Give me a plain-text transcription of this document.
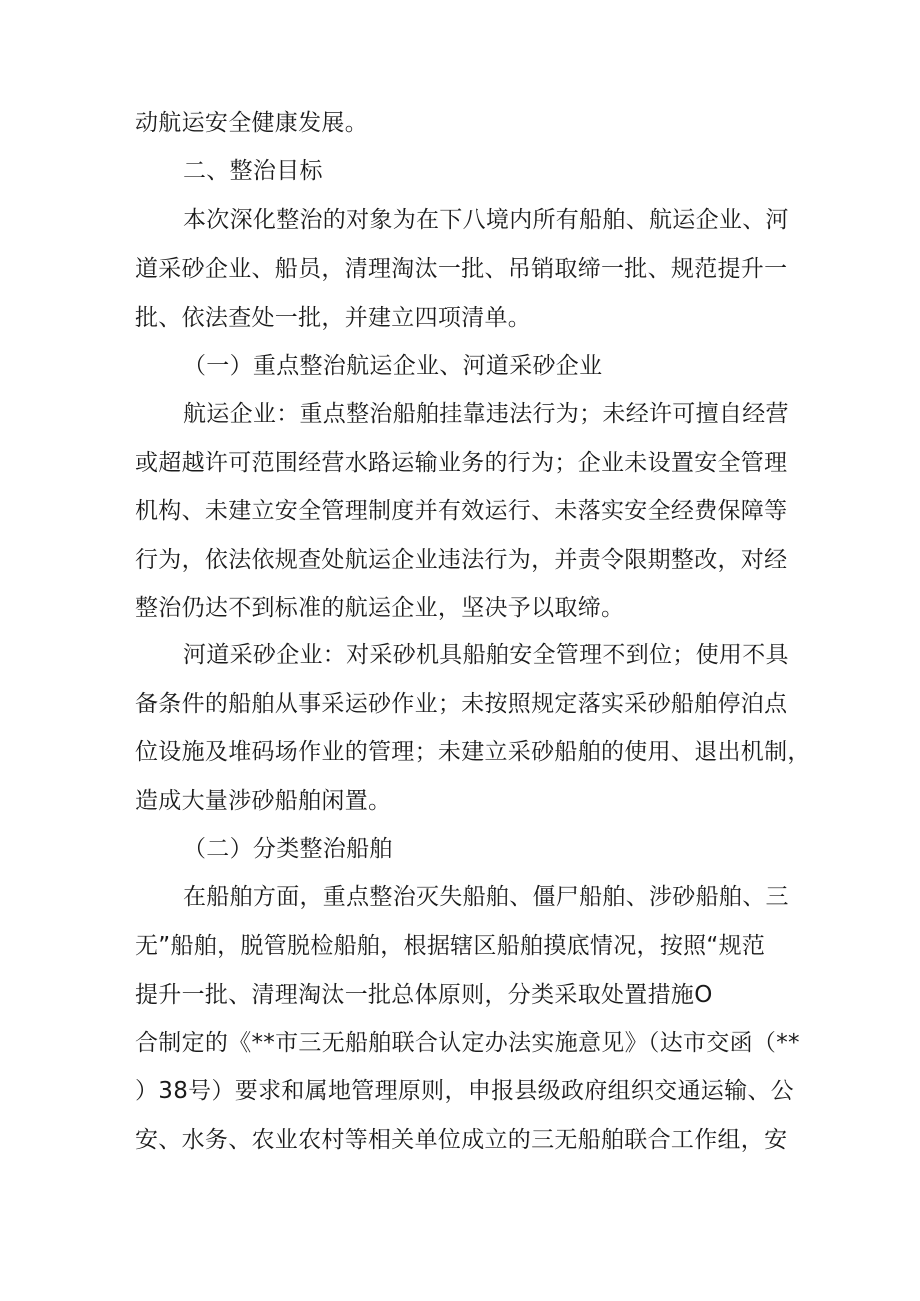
动航运安全健康发展。
二、整治目标
本次深化整治的对象为在下八境内所有船舶、航运企业、河
道采砂企业、船员，清理淘汰一批、吊销取缔一批、规范提升一
批、依法查处一批，并建立四项清单。
（一）重点整治航运企业、河道采砂企业
航运企业：重点整治船舶挂靠违法行为；未经许可擅自经营
或超越许可范围经营水路运输业务的行为；企业未设置安全管理
机构、未建立安全管理制度并有效运行、未落实安全经费保障等
行为，依法依规查处航运企业违法行为，并责令限期整改，对经
整治仍达不到标准的航运企业，坚决予以取缔。
河道采砂企业：对采砂机具船舶安全管理不到位；使用不具
备条件的船舶从事采运砂作业；未按照规定落实采砂船舶停泊点
位设施及堆码场作业的管理；未建立采砂船舶的使用、退出机制，
造成大量涉砂船舶闲置。
（二）分类整治船舶
在船舶方面，重点整治灭失船舶、僵尸船舶、涉砂船舶、三
无”船舶，脱管脱检船舶，根据辖区船舶摸底情况，按照“规范
提升一批、清理淘汰一批总体原则，分类采取处置措施O
合制定的《**市三无船舶联合认定办法实施意见》（达市交函（**
）38号）要求和属地管理原则，申报县级政府组织交通运输、公
安、水务、农业农村等相关单位成立的三无船舶联合工作组，安
